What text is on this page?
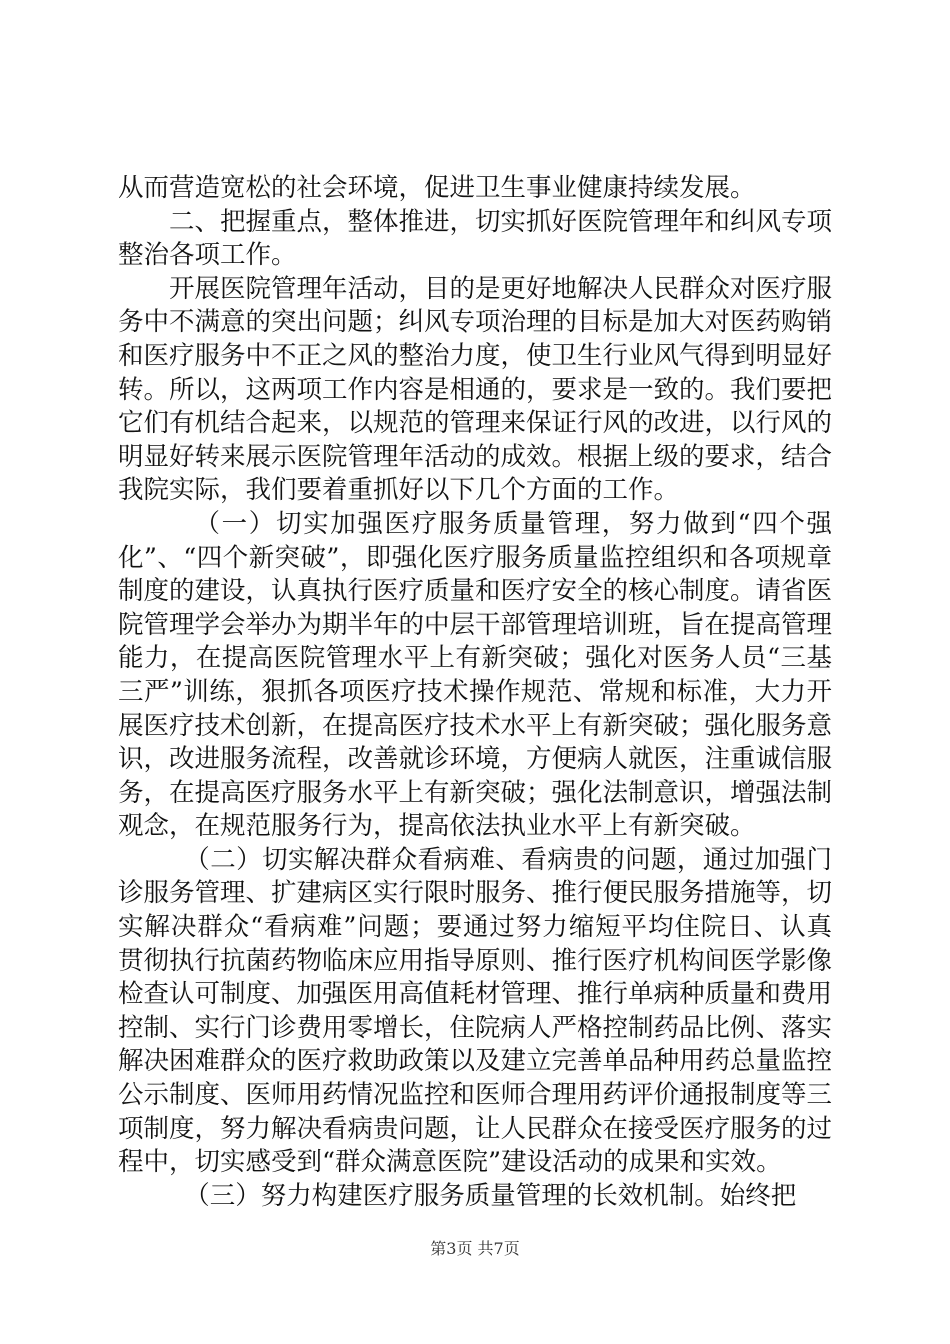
从而营造宽松的社会环境，促进卫生事业健康持续发展。

二、把握重点，整体推进，切实抓好医院管理年和纠风专项整治各项工作。

开展医院管理年活动，目的是更好地解决人民群众对医疗服务中不满意的突出问题；纠风专项治理的目标是加大对医药购销和医疗服务中不正之风的整治力度，使卫生行业风气得到明显好转。所以，这两项工作内容是相通的，要求是一致的。我们要把它们有机结合起来，以规范的管理来保证行风的改进，以行风的明显好转来展示医院管理年活动的成效。根据上级的要求，结合我院实际，我们要着重抓好以下几个方面的工作。

（一）切实加强医疗服务质量管理，努力做到“四个强化”、“四个新突破”，即强化医疗服务质量监控组织和各项规章制度的建设，认真执行医疗质量和医疗安全的核心制度。请省医院管理学会举办为期半年的中层干部管理培训班，旨在提高管理能力，在提高医院管理水平上有新突破；强化对医务人员“三基三严”训练，狠抓各项医疗技术操作规范、常规和标准，大力开展医疗技术创新，在提高医疗技术水平上有新突破；强化服务意识，改进服务流程，改善就诊环境，方便病人就医，注重诚信服务，在提高医疗服务水平上有新突破；强化法制意识，增强法制观念，在规范服务行为，提高依法执业水平上有新突破。

（二）切实解决群众看病难、看病贵的问题，通过加强门诊服务管理、扩建病区实行限时服务、推行便民服务措施等，切实解决群众“看病难”问题；要通过努力缩短平均住院日、认真贯彻执行抗菌药物临床应用指导原则、推行医疗机构间医学影像检查认可制度、加强医用高值耗材管理、推行单病种质量和费用控制、实行门诊费用零增长，住院病人严格控制药品比例、落实解决困难群众的医疗救助政策以及建立完善单品种用药总量监控公示制度、医师用药情况监控和医师合理用药评价通报制度等三项制度，努力解决看病贵问题，让人民群众在接受医疗服务的过程中，切实感受到“群众满意医院”建设活动的成果和实效。

（三）努力构建医疗服务质量管理的长效机制。始终把

第3页 共7页
